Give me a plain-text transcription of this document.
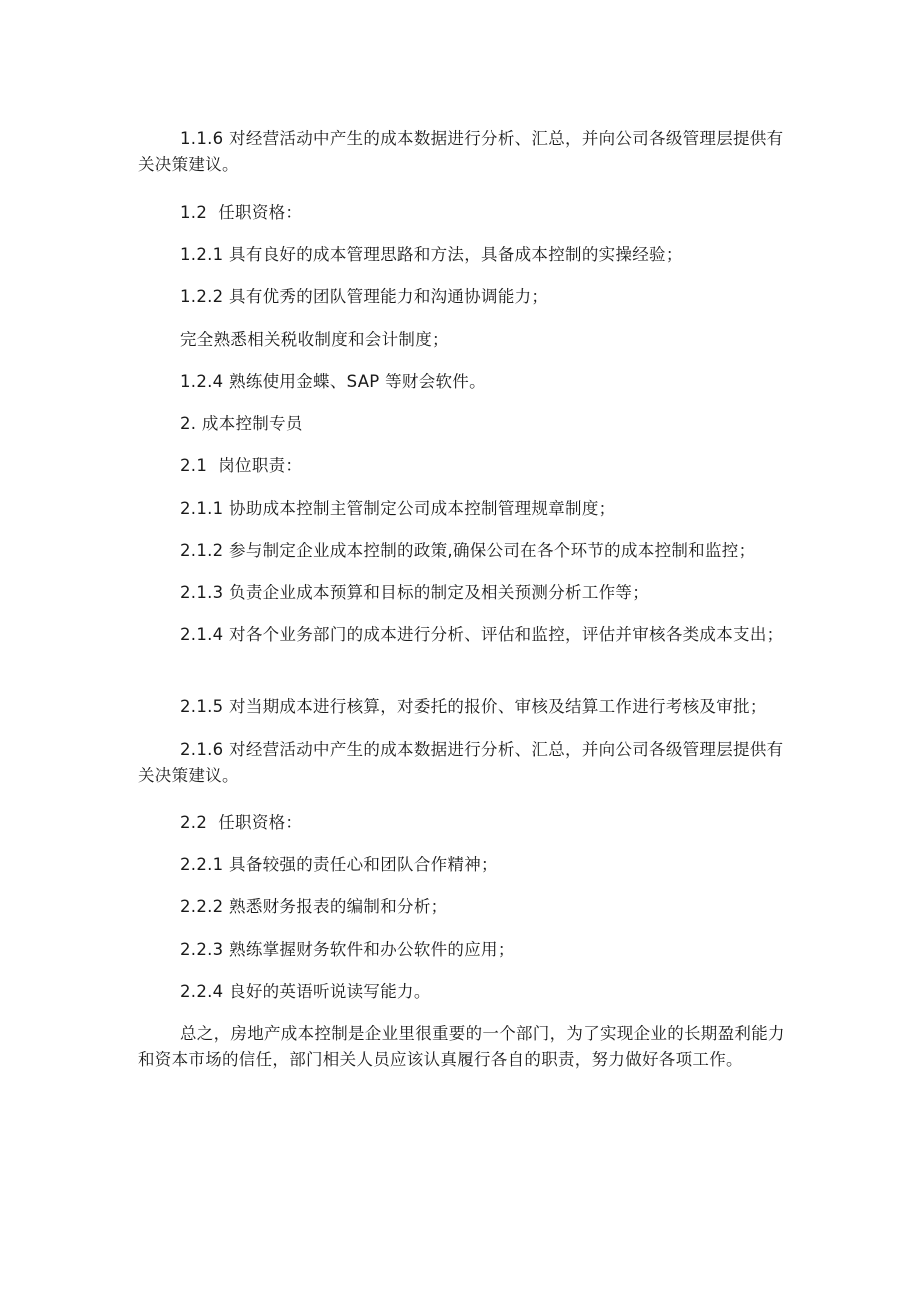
1.1.6 对经营活动中产生的成本数据进行分析、汇总，并向公司各级管理层提供有关决策建议。

1.2  任职资格：

1.2.1 具有良好的成本管理思路和方法，具备成本控制的实操经验；

1.2.2 具有优秀的团队管理能力和沟通协调能力；

完全熟悉相关税收制度和会计制度；

1.2.4 熟练使用金蝶、SAP 等财会软件。

2. 成本控制专员

2.1  岗位职责：

2.1.1 协助成本控制主管制定公司成本控制管理规章制度；

2.1.2 参与制定企业成本控制的政策,确保公司在各个环节的成本控制和监控；

2.1.3 负责企业成本预算和目标的制定及相关预测分析工作等；

2.1.4 对各个业务部门的成本进行分析、评估和监控，评估并审核各类成本支出；

2.1.5 对当期成本进行核算，对委托的报价、审核及结算工作进行考核及审批；

2.1.6 对经营活动中产生的成本数据进行分析、汇总，并向公司各级管理层提供有关决策建议。

2.2  任职资格：

2.2.1 具备较强的责任心和团队合作精神；

2.2.2 熟悉财务报表的编制和分析；

2.2.3 熟练掌握财务软件和办公软件的应用；

2.2.4 良好的英语听说读写能力。

总之，房地产成本控制是企业里很重要的一个部门，为了实现企业的长期盈利能力和资本市场的信任，部门相关人员应该认真履行各自的职责，努力做好各项工作。
